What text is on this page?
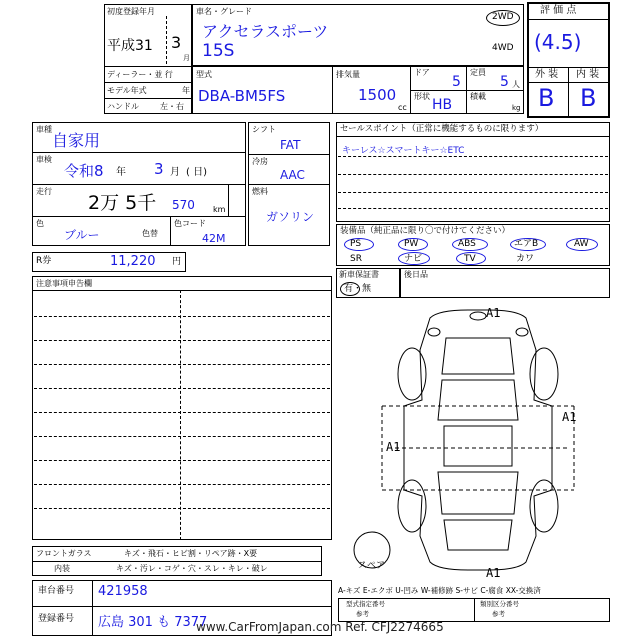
初度登録年月
平成31 3
月
ディーラー・並 行
モデル年式	年
ハンドル	左・右
車名・グレード
アクセラスポーツ
15S
2WD
4WD
型式
DBA-BM5FS
排気量
1500
cc
ドア
5
形状
HB
定員
5 人
積載
kg
評 価 点
(4.5)
外 装 内 装
B B
車種
自家用
車検
令和8 年 3 月 ( 日)
走行
2万 5千 570 km
色
ブルー	色替
色コード
42M
R券	11,220 円
シフト
FAT
冷房
AAC
燃料
ガソリン
セールスポイント（正常に機能するものに限ります）
キーレス☆スマートキー☆ETC
装備品（純正品に限り〇で付けてください）
PS	PW	ABS	エアB	AW
SR	ナビ	TV	カワ
新車保証書
有・無
後日品
注意事項申告欄
A1
A1
A1
A1
スペア
A-キズ E-エクボ U-凹み W-補修跡 S-サビ C-腐食 XX-交換済
フロントガラス	キズ・飛石・ヒビ割・リペア跡・X要
内装	キズ・汚レ・コゲ・穴・スレ・キレ・破レ
車台番号 421958
登録番号 広島 301 も 7377
型式指定番号
参考
類別区分番号
参考
www.CarFromJapan.com Ref. CFJ2274665
